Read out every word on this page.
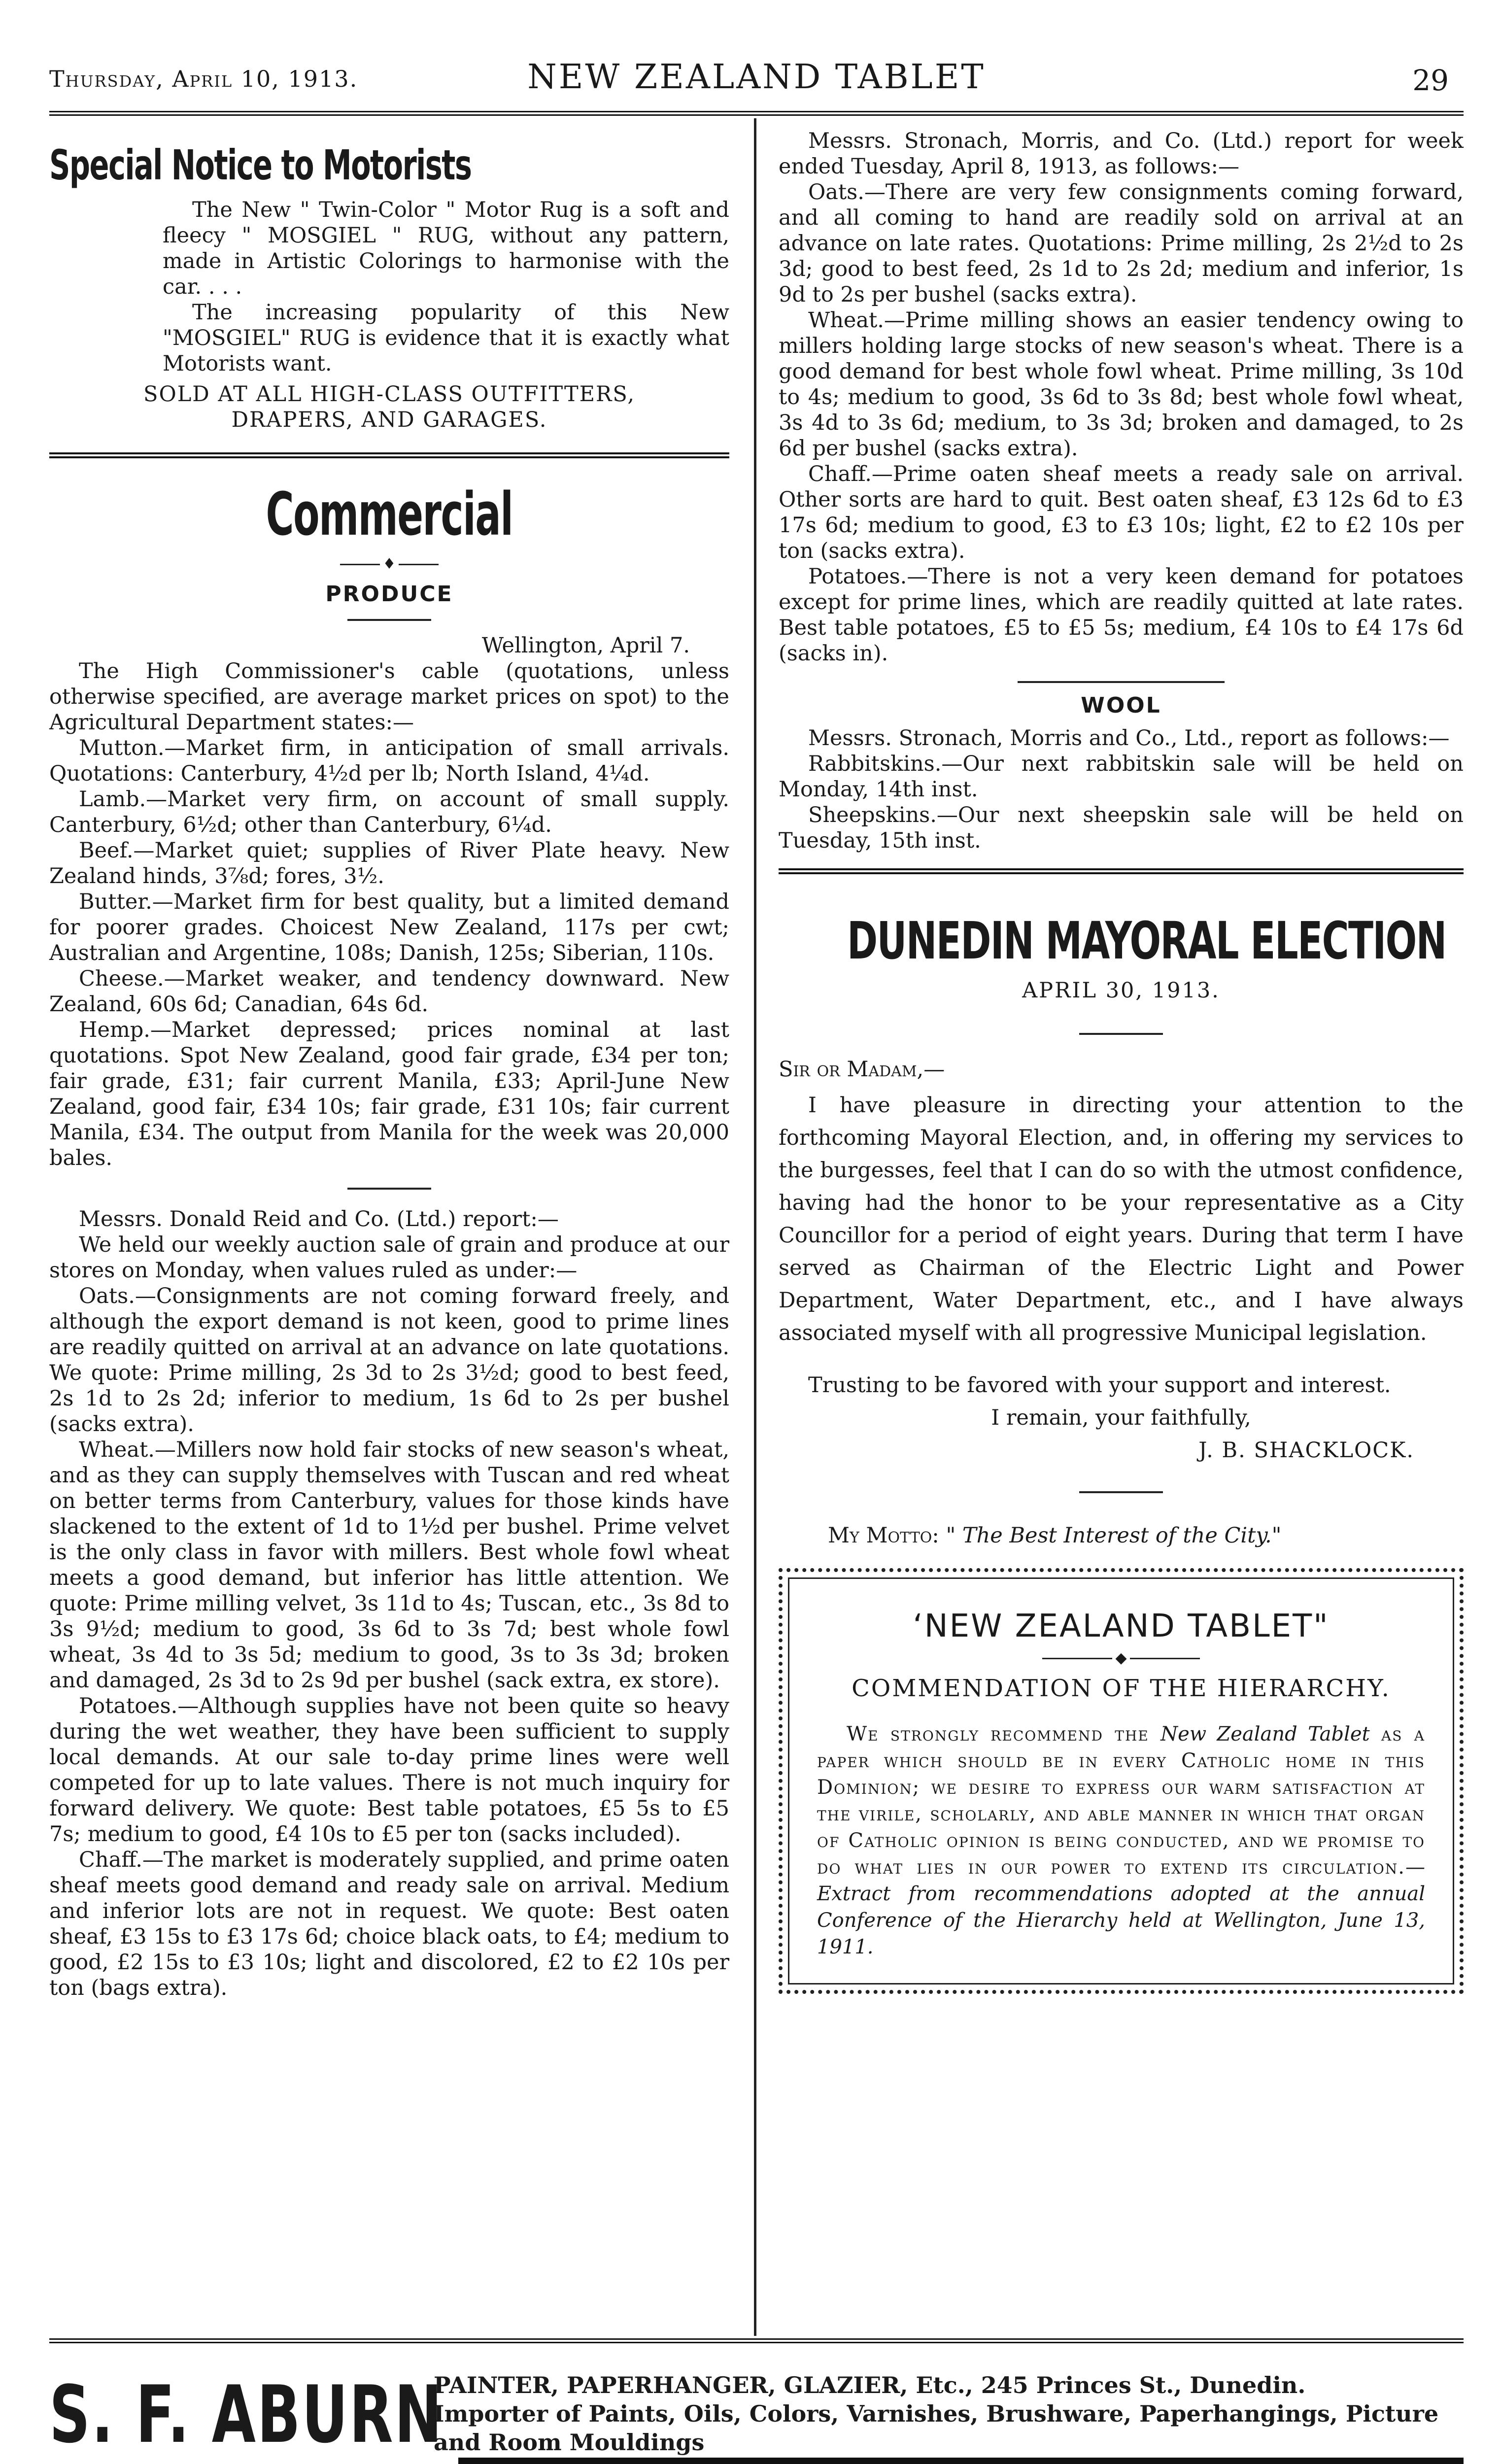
Thursday, April 10, 1913.	NEW ZEALAND TABLET	29
Special Notice to Motorists

The New " Twin-Color " Motor Rug is a soft and fleecy " MOSGIEL " RUG, without any pattern, made in Artistic Colorings to harmonise with the car. . . .

The increasing popularity of this New "MOSGIEL" RUG is evidence that it is exactly what Motorists want.

SOLD AT ALL HIGH-CLASS OUTFITTERS,

DRAPERS, AND GARAGES.

Commercial
♦

PRODUCE

Wellington, April 7.

The High Commissioner's cable (quotations, unless otherwise specified, are average market prices on spot) to the Agricultural Department states:—

Mutton.—Market firm, in anticipation of small arrivals. Quotations: Canterbury, 4½d per lb; North Island, 4¼d.

Lamb.—Market very firm, on account of small supply. Canterbury, 6½d; other than Canterbury, 6¼d.

Beef.—Market quiet; supplies of River Plate heavy. New Zealand hinds, 3⅞d; fores, 3½.

Butter.—Market firm for best quality, but a limited demand for poorer grades. Choicest New Zealand, 117s per cwt; Australian and Argentine, 108s; Danish, 125s; Siberian, 110s.

Cheese.—Market weaker, and tendency downward. New Zealand, 60s 6d; Canadian, 64s 6d.

Hemp.—Market depressed; prices nominal at last quotations. Spot New Zealand, good fair grade, £34 per ton; fair grade, £31; fair current Manila, £33; April-June New Zealand, good fair, £34 10s; fair grade, £31 10s; fair current Manila, £34. The output from Manila for the week was 20,000 bales.

Messrs. Donald Reid and Co. (Ltd.) report:—

We held our weekly auction sale of grain and produce at our stores on Monday, when values ruled as under:—

Oats.—Consignments are not coming forward freely, and although the export demand is not keen, good to prime lines are readily quitted on arrival at an advance on late quotations. We quote: Prime milling, 2s 3d to 2s 3½d; good to best feed, 2s 1d to 2s 2d; inferior to medium, 1s 6d to 2s per bushel (sacks extra).

Wheat.—Millers now hold fair stocks of new season's wheat, and as they can supply themselves with Tuscan and red wheat on better terms from Canterbury, values for those kinds have slackened to the extent of 1d to 1½d per bushel. Prime velvet is the only class in favor with millers. Best whole fowl wheat meets a good demand, but inferior has little attention. We quote: Prime milling velvet, 3s 11d to 4s; Tuscan, etc., 3s 8d to 3s 9½d; medium to good, 3s 6d to 3s 7d; best whole fowl wheat, 3s 4d to 3s 5d; medium to good, 3s to 3s 3d; broken and damaged, 2s 3d to 2s 9d per bushel (sack extra, ex store).

Potatoes.—Although supplies have not been quite so heavy during the wet weather, they have been sufficient to supply local demands. At our sale to-day prime lines were well competed for up to late values. There is not much inquiry for forward delivery. We quote: Best table potatoes, £5 5s to £5 7s; medium to good, £4 10s to £5 per ton (sacks included).

Chaff.—The market is moderately supplied, and prime oaten sheaf meets good demand and ready sale on arrival. Medium and inferior lots are not in request. We quote: Best oaten sheaf, £3 15s to £3 17s 6d; choice black oats, to £4; medium to good, £2 15s to £3 10s; light and discolored, £2 to £2 10s per ton (bags extra).

Messrs. Stronach, Morris, and Co. (Ltd.) report for week ended Tuesday, April 8, 1913, as follows:—

Oats.—There are very few consignments coming forward, and all coming to hand are readily sold on arrival at an advance on late rates. Quotations: Prime milling, 2s 2½d to 2s 3d; good to best feed, 2s 1d to 2s 2d; medium and inferior, 1s 9d to 2s per bushel (sacks extra).

Wheat.—Prime milling shows an easier tendency owing to millers holding large stocks of new season's wheat. There is a good demand for best whole fowl wheat. Prime milling, 3s 10d to 4s; medium to good, 3s 6d to 3s 8d; best whole fowl wheat, 3s 4d to 3s 6d; medium, to 3s 3d; broken and damaged, to 2s 6d per bushel (sacks extra).

Chaff.—Prime oaten sheaf meets a ready sale on arrival. Other sorts are hard to quit. Best oaten sheaf, £3 12s 6d to £3 17s 6d; medium to good, £3 to £3 10s; light, £2 to £2 10s per ton (sacks extra).

Potatoes.—There is not a very keen demand for potatoes except for prime lines, which are readily quitted at late rates. Best table potatoes, £5 to £5 5s; medium, £4 10s to £4 17s 6d (sacks in).

WOOL

Messrs. Stronach, Morris and Co., Ltd., report as follows:—

Rabbitskins.—Our next rabbitskin sale will be held on Monday, 14th inst.

Sheepskins.—Our next sheepskin sale will be held on Tuesday, 15th inst.

DUNEDIN MAYORAL ELECTION

APRIL 30, 1913.

Sir or Madam,—

I have pleasure in directing your attention to the forthcoming Mayoral Election, and, in offering my services to the burgesses, feel that I can do so with the utmost confidence, having had the honor to be your representative as a City Councillor for a period of eight years. During that term I have served as Chairman of the Electric Light and Power Department, Water Department, etc., and I have always associated myself with all progressive Municipal legislation.

Trusting to be favored with your support and interest.

I remain, your faithfully,

J. B. SHACKLOCK.

My Motto: " The Best Interest of the City."

‘NEW ZEALAND TABLET"

◆

COMMENDATION OF THE HIERARCHY.

We strongly recommend the New Zealand Tablet as a paper which should be in every Catholic home in this Dominion; we desire to express our warm satisfaction at the virile, scholarly, and able manner in which that organ of Catholic opinion is being conducted, and we promise to do what lies in our power to extend its circulation.—Extract from recommendations adopted at the annual Conference of the Hierarchy held at Wellington, June 13, 1911.

S. F. ABURN
PAINTER, PAPERHANGER, GLAZIER, Etc., 245 Princes St., Dunedin.
Importer of Paints, Oils, Colors, Varnishes, Brushware, Paperhangings, Picture
and Room Mouldings
